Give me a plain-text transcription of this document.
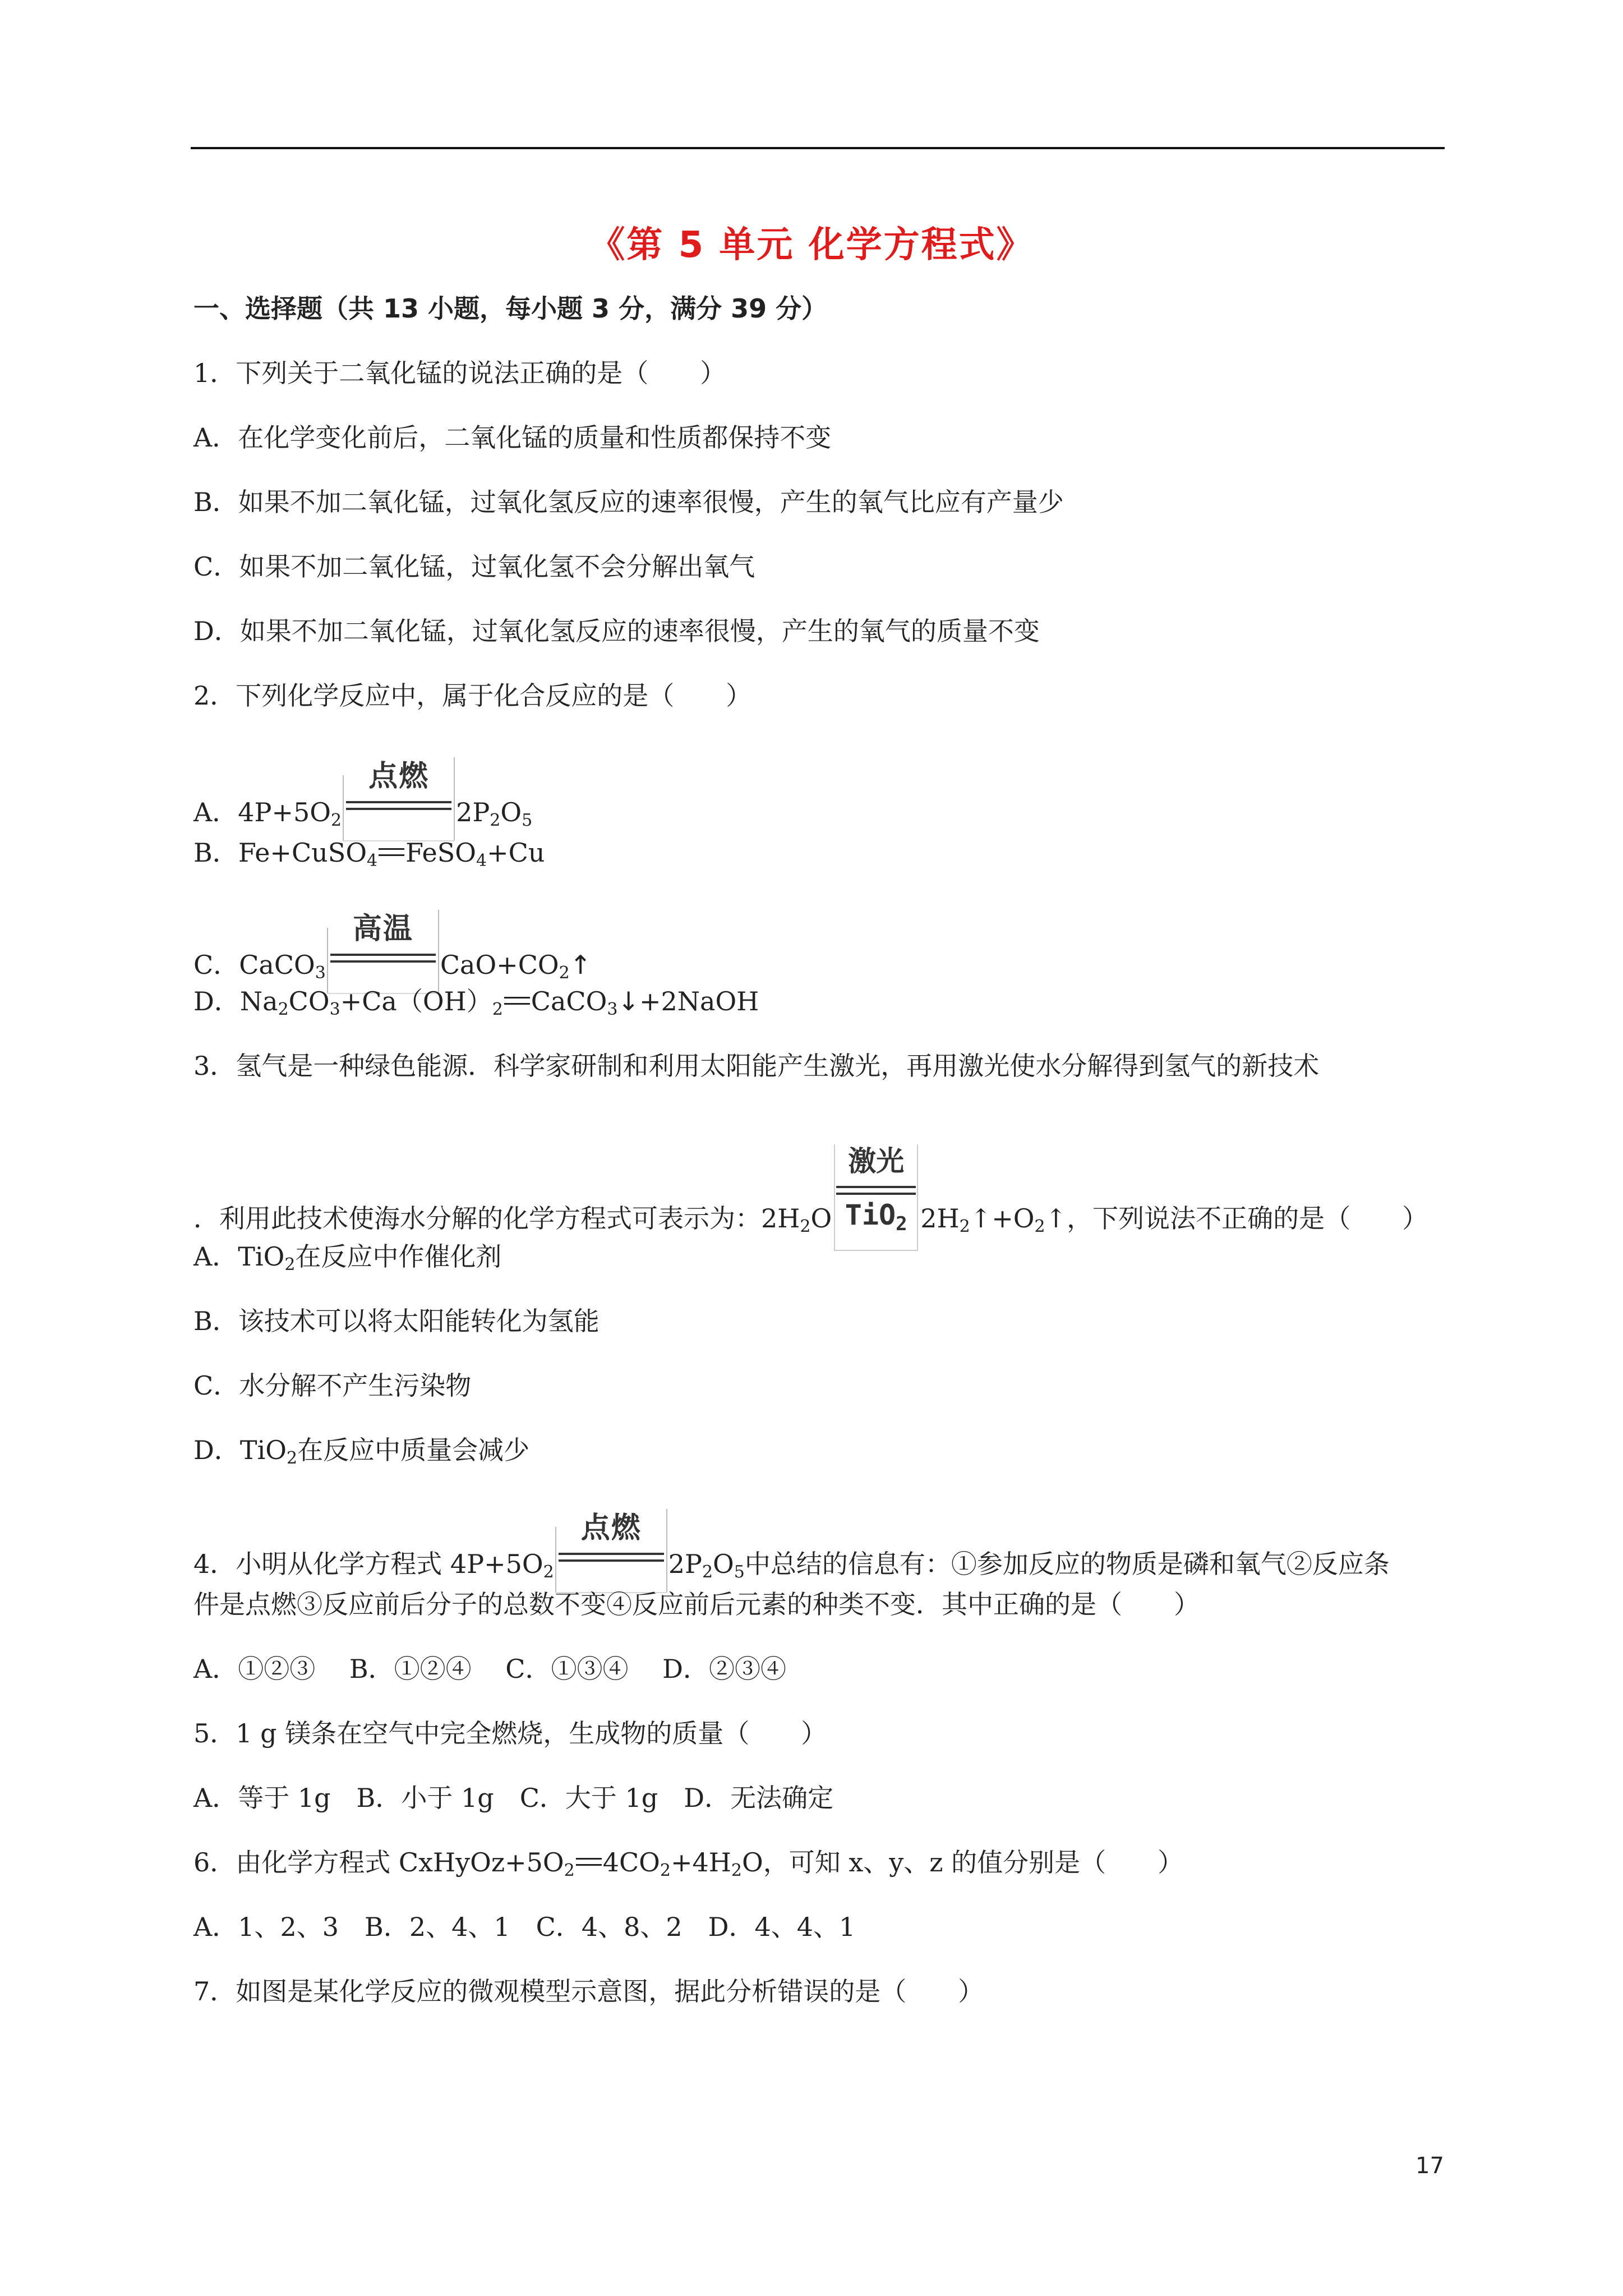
《第 5 单元 化学方程式》
一、选择题（共 13 小题，每小题 3 分，满分 39 分）
1．下列关于二氧化锰的说法正确的是（　　）
A．在化学变化前后，二氧化锰的质量和性质都保持不变
B．如果不加二氧化锰，过氧化氢反应的速率很慢，产生的氧气比应有产量少
C．如果不加二氧化锰，过氧化氢不会分解出氧气
D．如果不加二氧化锰，过氧化氢反应的速率很慢，产生的氧气的质量不变
2．下列化学反应中，属于化合反应的是（　　）
A．$4P+5O_2$
点燃
$2P_2O_5$
B．Fe+CuSO$_4$ FeSO$_4$+Cu
C．CaCO$_3$
高温
$CaO+CO_2↑$
D．$Na_2CO_3+Ca(OH)_2$ CaCO$_3$↓+2NaOH
3．氢气是一种绿色能源．科学家研制和利用太阳能产生激光，再用激光使水分解得到氢气的新技术
．利用此技术使海水分解的化学方程式可表示为：$2H_2O$
激光
TiO$_2$ $2H_2↑+O_2↑$，下列说法不正确的是（　　）
A．TiO$_2$在反应中作催化剂
B．该技术可以将太阳能转化为氢能
C．水分解不产生污染物
D．TiO$_2$在反应中质量会减少
4．小明从化学方程式 $4P+5O_2$
点燃
$2P_2O_5$中总结的信息有：①参加反应的物质是磷和氧气②反应条
件是点燃③反应前后分子的总数不变④反应前后元素的种类不变．其中正确的是（　　）
A．①②③　 B．①②④　 C．①③④　 D．②③④
5．1 g 镁条在空气中完全燃烧，生成物的质量（　　）
A．等于 1g　B．小于 1g　C．大于 1g　D．无法确定
6．由化学方程式 $CxHyOz+5O_2$ $4CO_2+4H_2O$，可知 x、y、z 的值分别是（　　）
A．1、2、3　B．2、4、1　C．4、8、2　D．4、4、1
7．如图是某化学反应的微观模型示意图，据此分析错误的是（　　）
17
